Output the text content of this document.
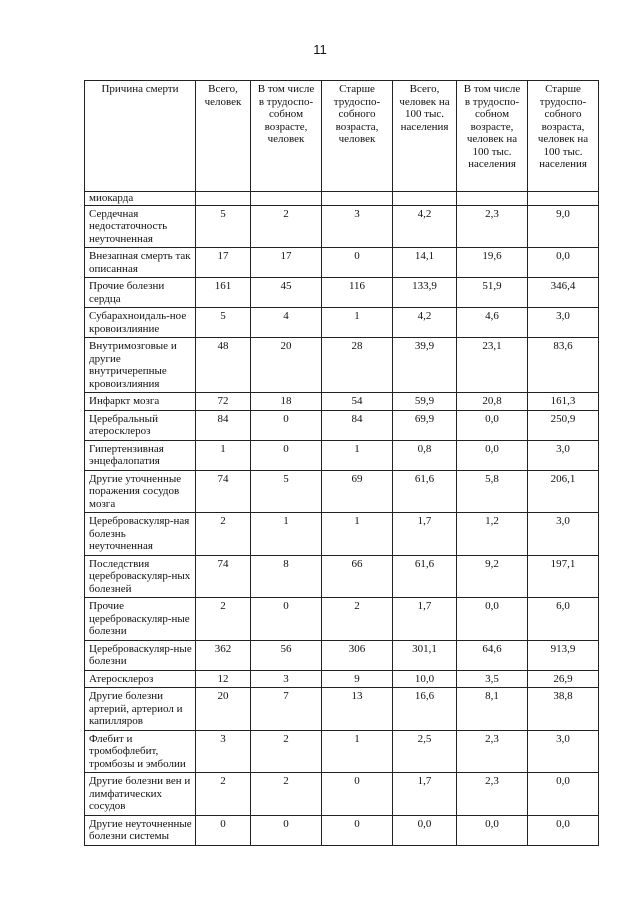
11
Причина смерти	Всего, человек	В том числе в трудоспо-собном возрасте, человек	Старше трудоспо-собного возраста, человек	Всего, человек на 100 тыс. населения	В том числе в трудоспо-собном возрасте, человек на 100 тыс. населения	Старше трудоспо-собного возраста, человек на 100 тыс. населения
миокарда						
Сердечная недостаточность неуточненная	5	2	3	4,2	2,3	9,0
Внезапная смерть так описанная	17	17	0	14,1	19,6	0,0
Прочие болезни сердца	161	45	116	133,9	51,9	346,4
Субарахноидаль-ное кровоизлияние	5	4	1	4,2	4,6	3,0
Внутримозговые и другие внутричерепные кровоизлияния	48	20	28	39,9	23,1	83,6
Инфаркт мозга	72	18	54	59,9	20,8	161,3
Церебральный атеросклероз	84	0	84	69,9	0,0	250,9
Гипертензивная энцефалопатия	1	0	1	0,8	0,0	3,0
Другие уточненные поражения сосудов мозга	74	5	69	61,6	5,8	206,1
Цереброваскуляр-ная болезнь неуточненная	2	1	1	1,7	1,2	3,0
Последствия цереброваскуляр-ных болезней	74	8	66	61,6	9,2	197,1
Прочие цереброваскуляр-ные болезни	2	0	2	1,7	0,0	6,0
Цереброваскуляр-ные болезни	362	56	306	301,1	64,6	913,9
Атеросклероз	12	3	9	10,0	3,5	26,9
Другие болезни артерий, артериол и капилляров	20	7	13	16,6	8,1	38,8
Флебит и тромбофлебит, тромбозы и эмболии	3	2	1	2,5	2,3	3,0
Другие болезни вен и лимфатических сосудов	2	2	0	1,7	2,3	0,0
Другие неуточненные болезни системы	0	0	0	0,0	0,0	0,0
